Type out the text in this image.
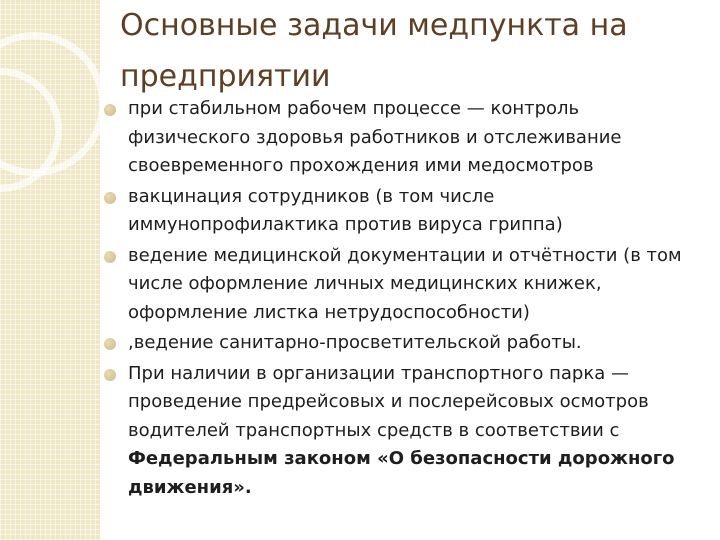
Основные задачи медпункта на предприятии
при стабильном рабочем процессе — контроль физического здоровья работников и отслеживание своевременного прохождения ими медосмотров
вакцинация сотрудников (в том числе иммунопрофилактика против вируса гриппа)
ведение медицинской документации и отчётности (в том числе оформление личных медицинских книжек, оформление листка нетрудоспособности)
,ведение санитарно-просветительской работы.
При наличии в организации транспортного парка — проведение предрейсовых и послерейсовых осмотров водителей транспортных средств в соответствии с Федеральным законом «О безопасности дорожного движения».
